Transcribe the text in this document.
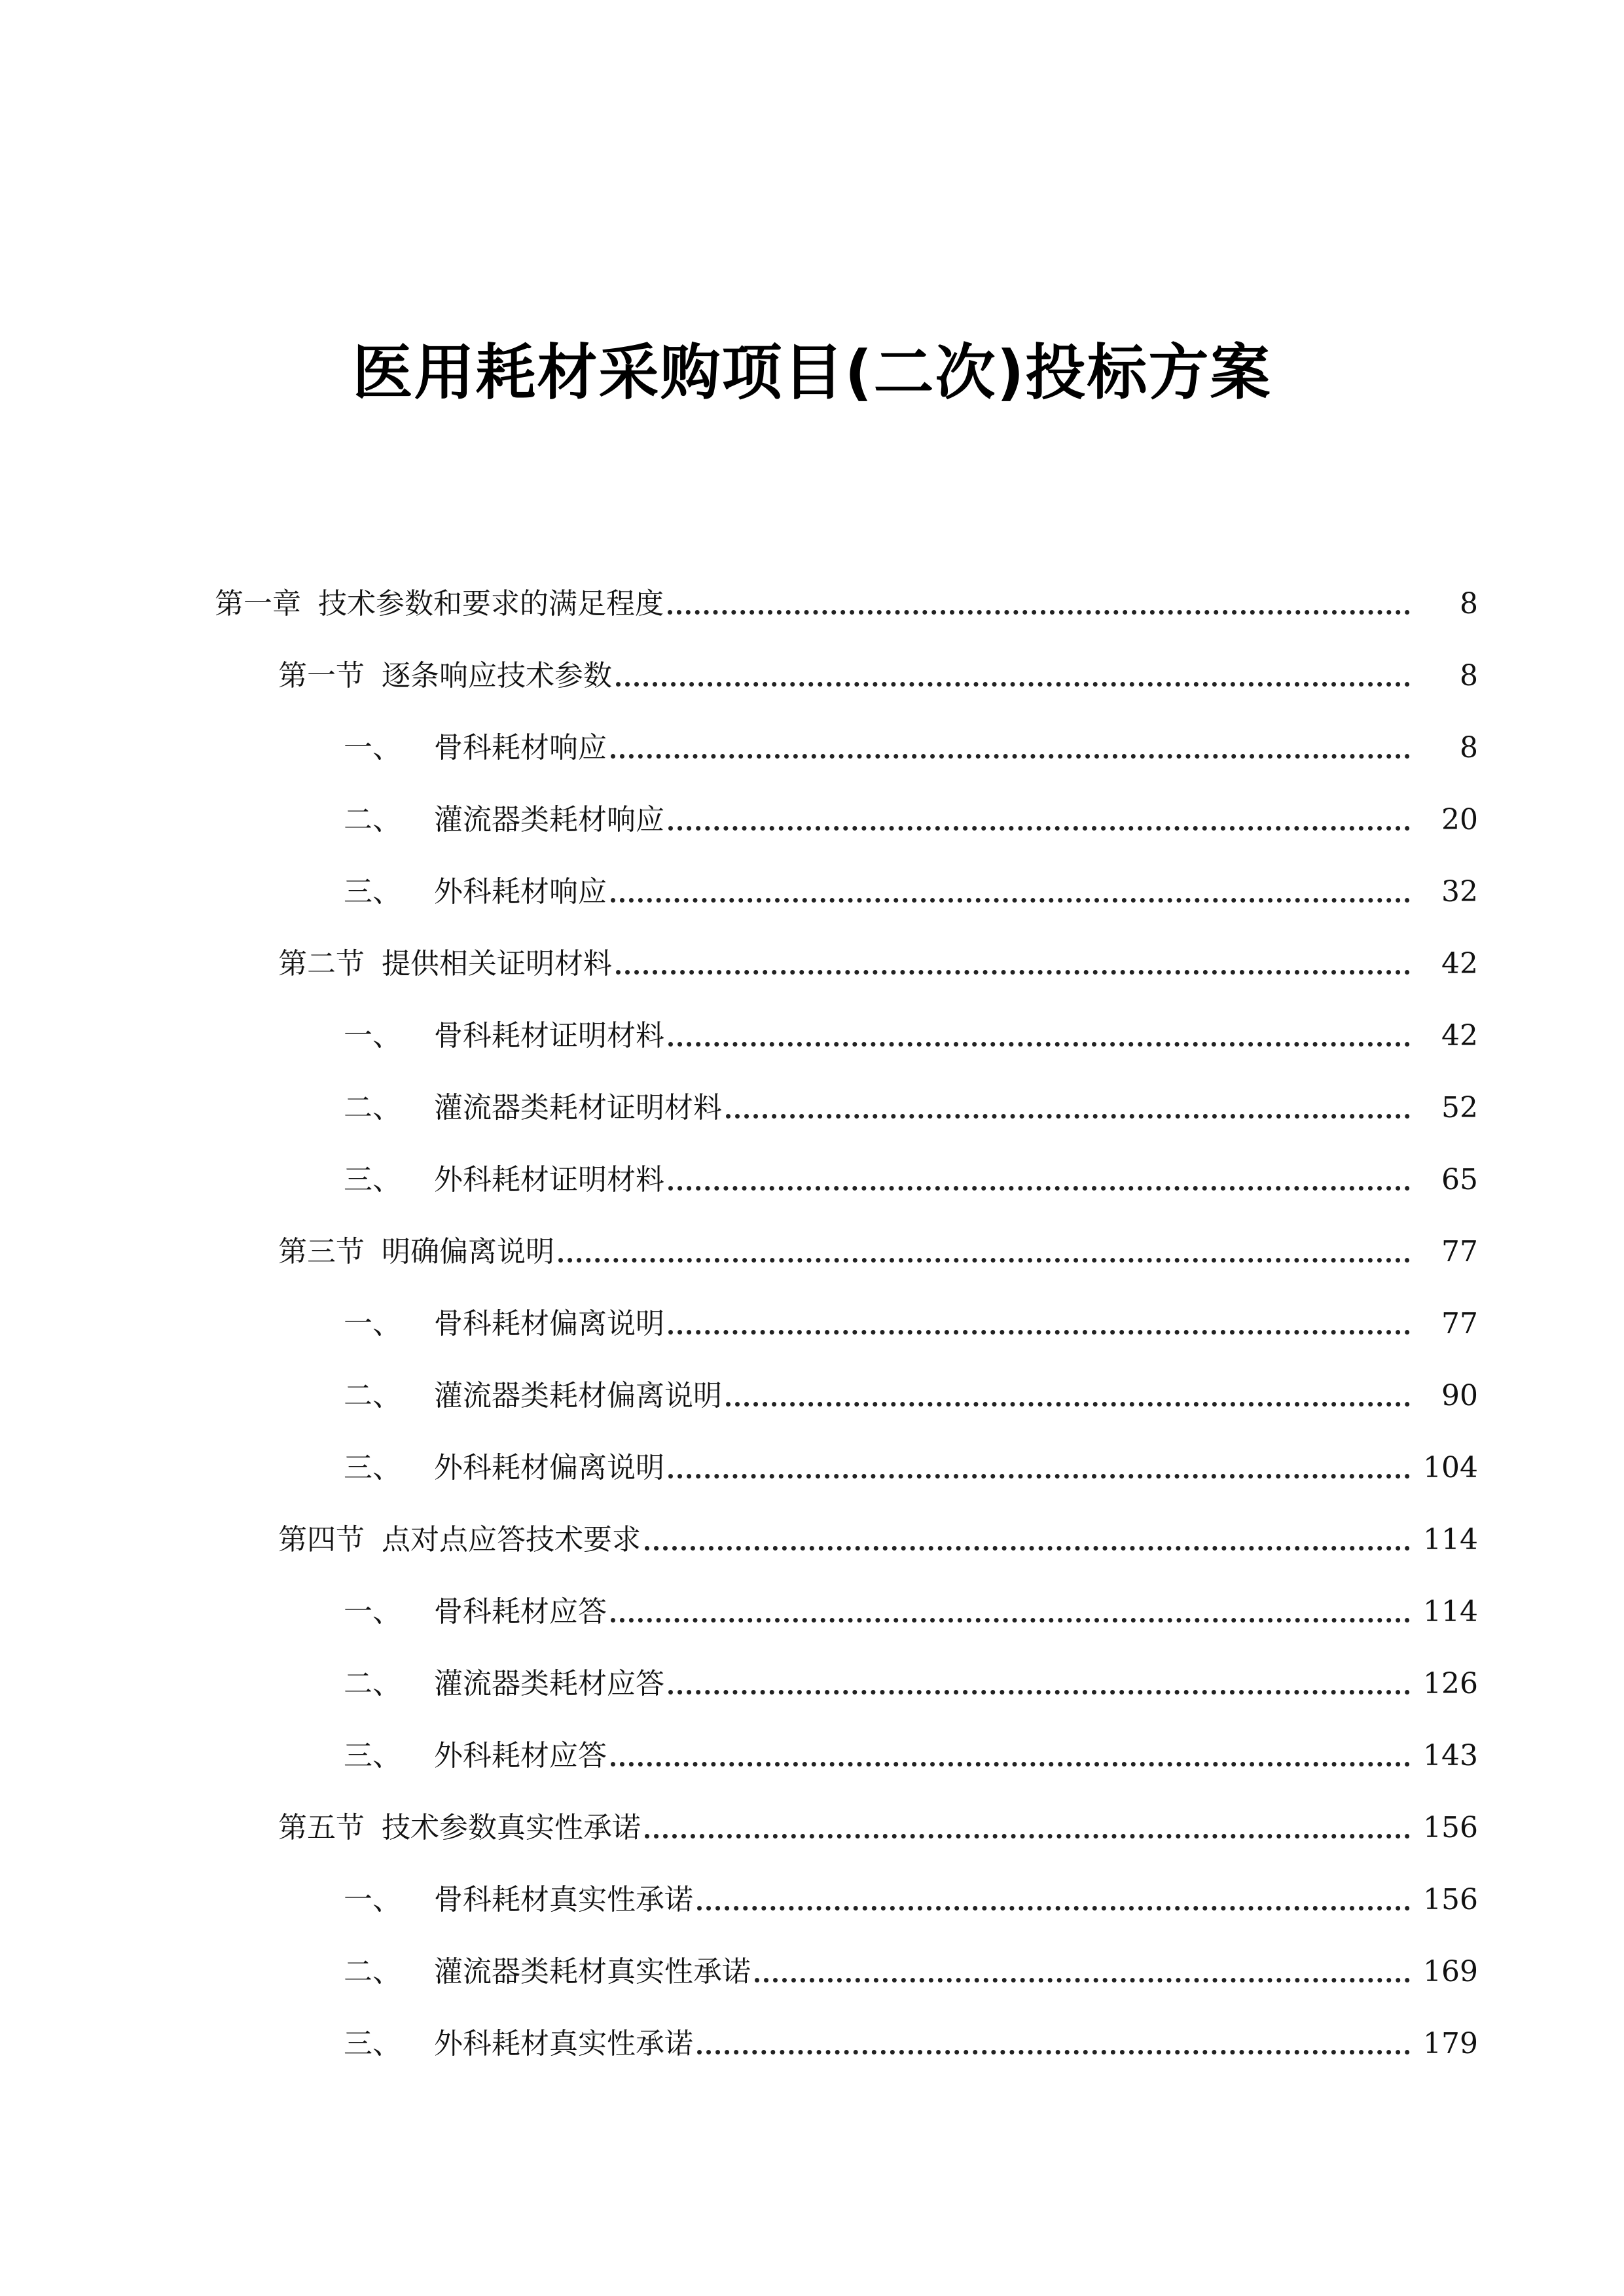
医用耗材采购项目(二次)投标方案
第一章 技术参数和要求的满足程度	8
第一节 逐条响应技术参数	8
一、 骨科耗材响应	8
二、 灌流器类耗材响应	20
三、 外科耗材响应	32
第二节 提供相关证明材料	42
一、 骨科耗材证明材料	42
二、 灌流器类耗材证明材料	52
三、 外科耗材证明材料	65
第三节 明确偏离说明	77
一、 骨科耗材偏离说明	77
二、 灌流器类耗材偏离说明	90
三、 外科耗材偏离说明	104
第四节 点对点应答技术要求	114
一、 骨科耗材应答	114
二、 灌流器类耗材应答	126
三、 外科耗材应答	143
第五节 技术参数真实性承诺	156
一、 骨科耗材真实性承诺	156
二、 灌流器类耗材真实性承诺	169
三、 外科耗材真实性承诺	179
